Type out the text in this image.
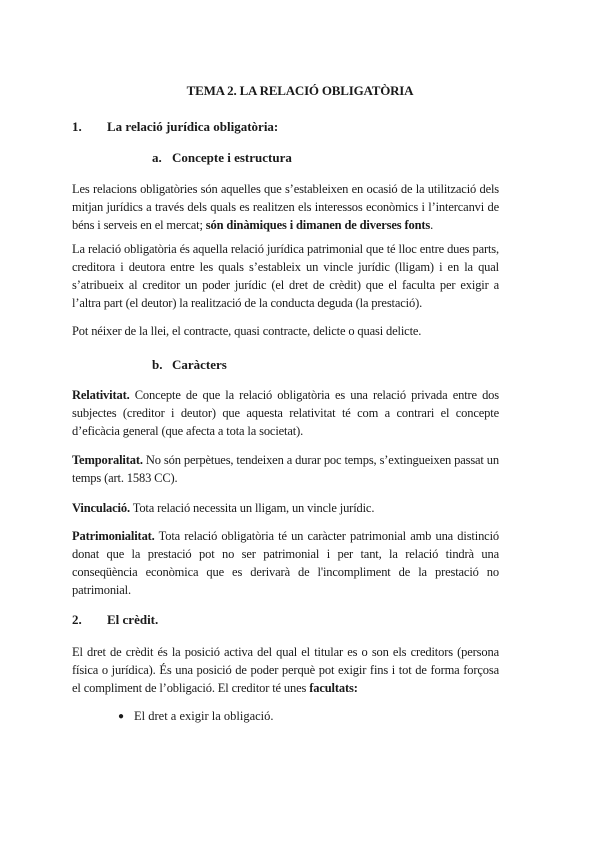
TEMA 2. LA RELACIÓ OBLIGATÒRIA
1. La relació jurídica obligatòria:
a. Concepte i estructura

Les relacions obligatòries són aquelles que s’estableixen en ocasió de la utilització dels mitjan jurídics a través dels quals es realitzen els interessos econòmics i l’intercanvi de béns i serveis en el mercat; són dinàmiques i dimanen de diverses fonts.

La relació obligatòria és aquella relació jurídica patrimonial que té lloc entre dues parts, creditora i deutora entre les quals s’estableix un vincle jurídic (lligam) i en la qual s’atribueix al creditor un poder jurídic (el dret de crèdit) que el faculta per exigir a l’altra part (el deutor) la realització de la conducta deguda (la prestació).

Pot néixer de la llei, el contracte, quasi contracte, delicte o quasi delicte.

b. Caràcters

Relativitat. Concepte de que la relació obligatòria es una relació privada entre dos subjectes (creditor i deutor) que aquesta relativitat té com a contrari el concepte d’eficàcia general (que afecta a tota la societat).

Temporalitat. No són perpètues, tendeixen a durar poc temps, s’extingueixen passat un temps (art. 1583 CC).

Vinculació. Tota relació necessita un lligam, un vincle jurídic.

Patrimonialitat. Tota relació obligatòria té un caràcter patrimonial amb una distinció donat que la prestació pot no ser patrimonial i per tant, la relació tindrà una conseqüència econòmica que es derivarà de l'incompliment de la prestació no patrimonial.

2. El crèdit.

El dret de crèdit és la posició activa del qual el titular es o son els creditors (persona física o jurídica). És una posició de poder perquè pot exigir fins i tot de forma forçosa el compliment de l’obligació. El creditor té unes facultats:

● El dret a exigir la obligació.
